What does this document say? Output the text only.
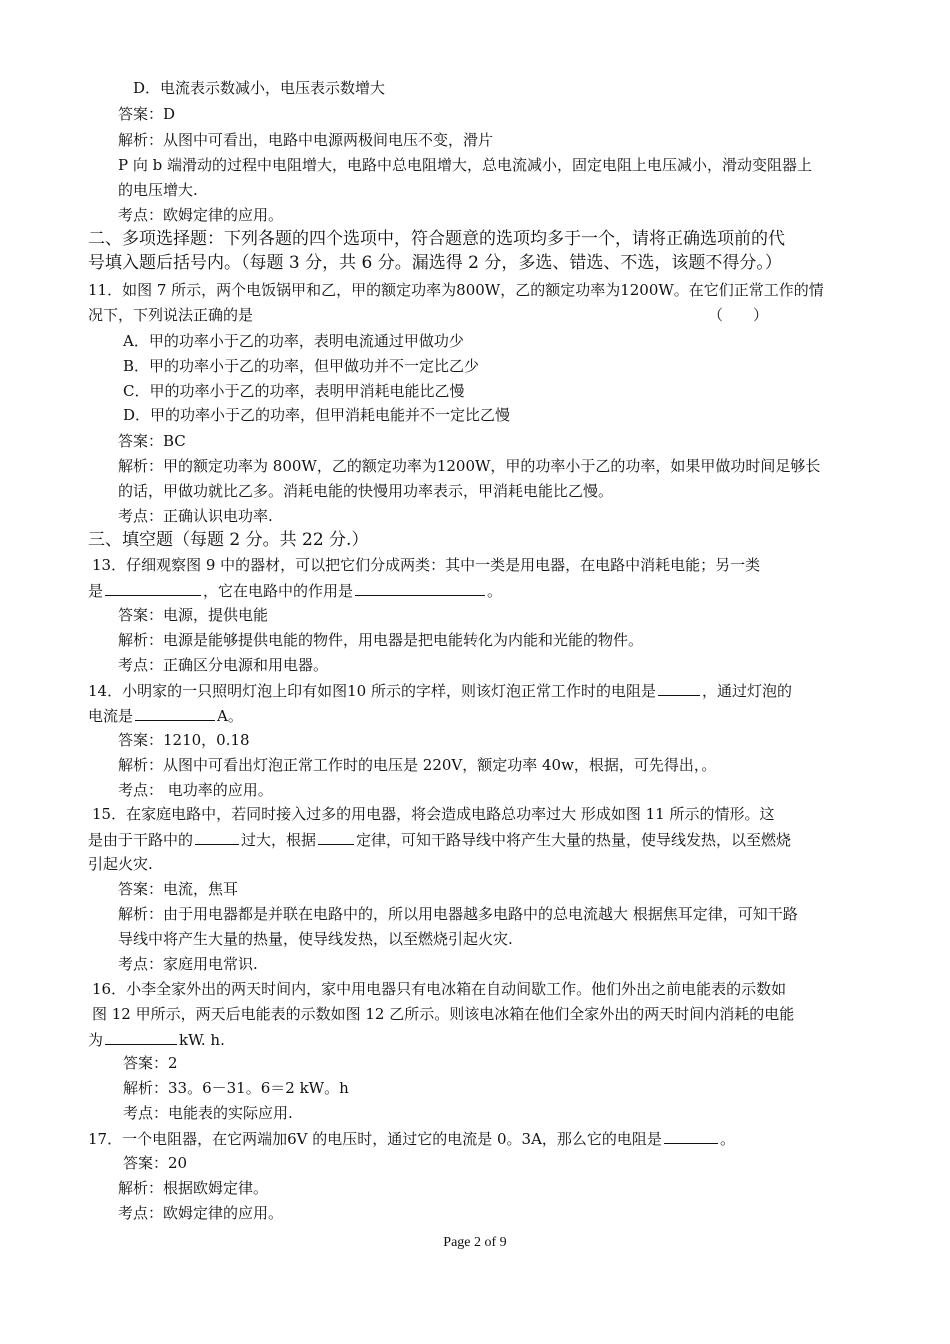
D．电流表示数减小，电压表示数增大
答案：D
解析：从图中可看出，电路中电源两极间电压不变，滑片
P 向 b 端滑动的过程中电阻增大，电路中总电阻增大，总电流减小，固定电阻上电压减小，滑动变阻器上
的电压增大.
考点：欧姆定律的应用。
二、多项选择题：下列各题的四个选项中，符合题意的选项均多于一个，请将正确选项前的代
号填入题后括号内。（每题 3 分，共 6 分。漏选得 2 分，多选、错选、不选，该题不得分。）
11．如图 7 所示，两个电饭锅甲和乙，甲的额定功率为800W，乙的额定功率为1200W。在它们正常工作的情
况下，下列说法正确的是	（　　）
A．甲的功率小于乙的功率，表明电流通过甲做功少
B．甲的功率小于乙的功率，但甲做功并不一定比乙少
C．甲的功率小于乙的功率，表明甲消耗电能比乙慢
D．甲的功率小于乙的功率，但甲消耗电能并不一定比乙慢
答案：BC
解析：甲的额定功率为 800W，乙的额定功率为1200W，甲的功率小于乙的功率，如果甲做功时间足够长
的话，甲做功就比乙多。消耗电能的快慢用功率表示，甲消耗电能比乙慢。
考点：正确认识电功率.
三、填空题（每题 2 分。共 22 分.）
13．仔细观察图 9 中的器材，可以把它们分成两类：其中一类是用电器，在电路中消耗电能；另一类
是	，它在电路中的作用是	。
答案：电源，提供电能
解析：电源是能够提供电能的物件，用电器是把电能转化为内能和光能的物件。
考点：正确区分电源和用电器。
14．小明家的一只照明灯泡上印有如图10 所示的字样，则该灯泡正常工作时的电阻是	，通过灯泡的
电流是	A。
答案：1210，0.18
解析：从图中可看出灯泡正常工作时的电压是 220V，额定功率 40w，根据，可先得出，。
考点： 电功率的应用。
15．在家庭电路中，若同时接入过多的用电器，将会造成电路总功率过大 形成如图 11 所示的情形。这
是由于干路中的	过大，根据	定律，可知干路导线中将产生大量的热量，使导线发热，以至燃烧
引起火灾.
答案：电流，焦耳
解析：由于用电器都是并联在电路中的，所以用电器越多电路中的总电流越大 根据焦耳定律，可知干路
导线中将产生大量的热量，使导线发热，以至燃烧引起火灾.
考点：家庭用电常识.
16．小李全家外出的两天时间内，家中用电器只有电冰箱在自动间歇工作。他们外出之前电能表的示数如
图 12 甲所示，两天后电能表的示数如图 12 乙所示。则该电冰箱在他们全家外出的两天时间内消耗的电能
为	kW. h.
答案：2
解析：33。6－31。6＝2 kW。h
考点：电能表的实际应用.
17．一个电阻器，在它两端加6V 的电压时，通过它的电流是 0。3A，那么它的电阻是	。
答案：20
解析：根据欧姆定律。
考点：欧姆定律的应用。
Page 2 of 9
